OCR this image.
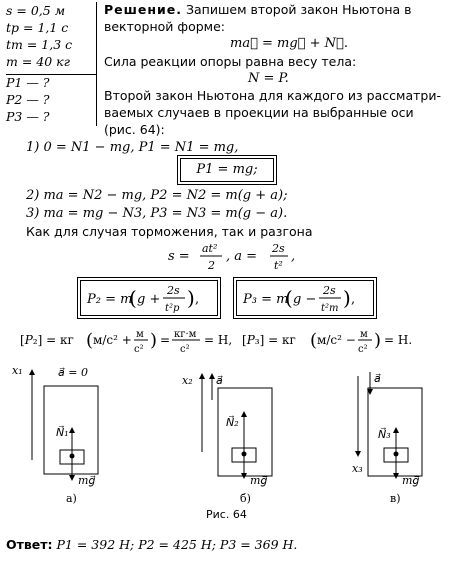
s = 0,5 м
tр = 1,1 с
tт = 1,3 с
m = 40 кг
P1 — ?
P2 — ?
P3 — ?
Решение. Запишем второй закон Ньютона в
векторной форме:
ma⃗ = mg⃗ + N⃗.
Сила реакции опоры равна весу тела:
N = P.
Второй закон Ньютона для каждого из рассматри-
ваемых случаев в проекции на выбранные оси
(рис. 64):
1) 0 = N1 − mg, P1 = N1 = mg,
P1 = mg;
2) ma = N2 − mg, P2 = N2 = m(g + a);
3) ma = mg − N3, P3 = N3 = m(g − a).
Как для случая торможения, так и разгона
s =
at²
2
, a =
2s
t²
,
P₂ = m
( g +
2s
t²р ) ,	P₃ = m
( g −
2s
t²т ) ,
[P₂] = кг ( м/с² + м
с² ) = кг·м
с²
= Н, [P₃] = кг ( м/с² − м
с² ) = Н.
x₁	a⃗ = 0
N⃗₁
mg⃗
а)
x₂ a⃗
N⃗₂
mg⃗
б)
x₃
a⃗
N⃗₃
mg⃗
в)
Рис. 64
Ответ: P1 = 392 Н; P2 = 425 Н; P3 = 369 Н.
